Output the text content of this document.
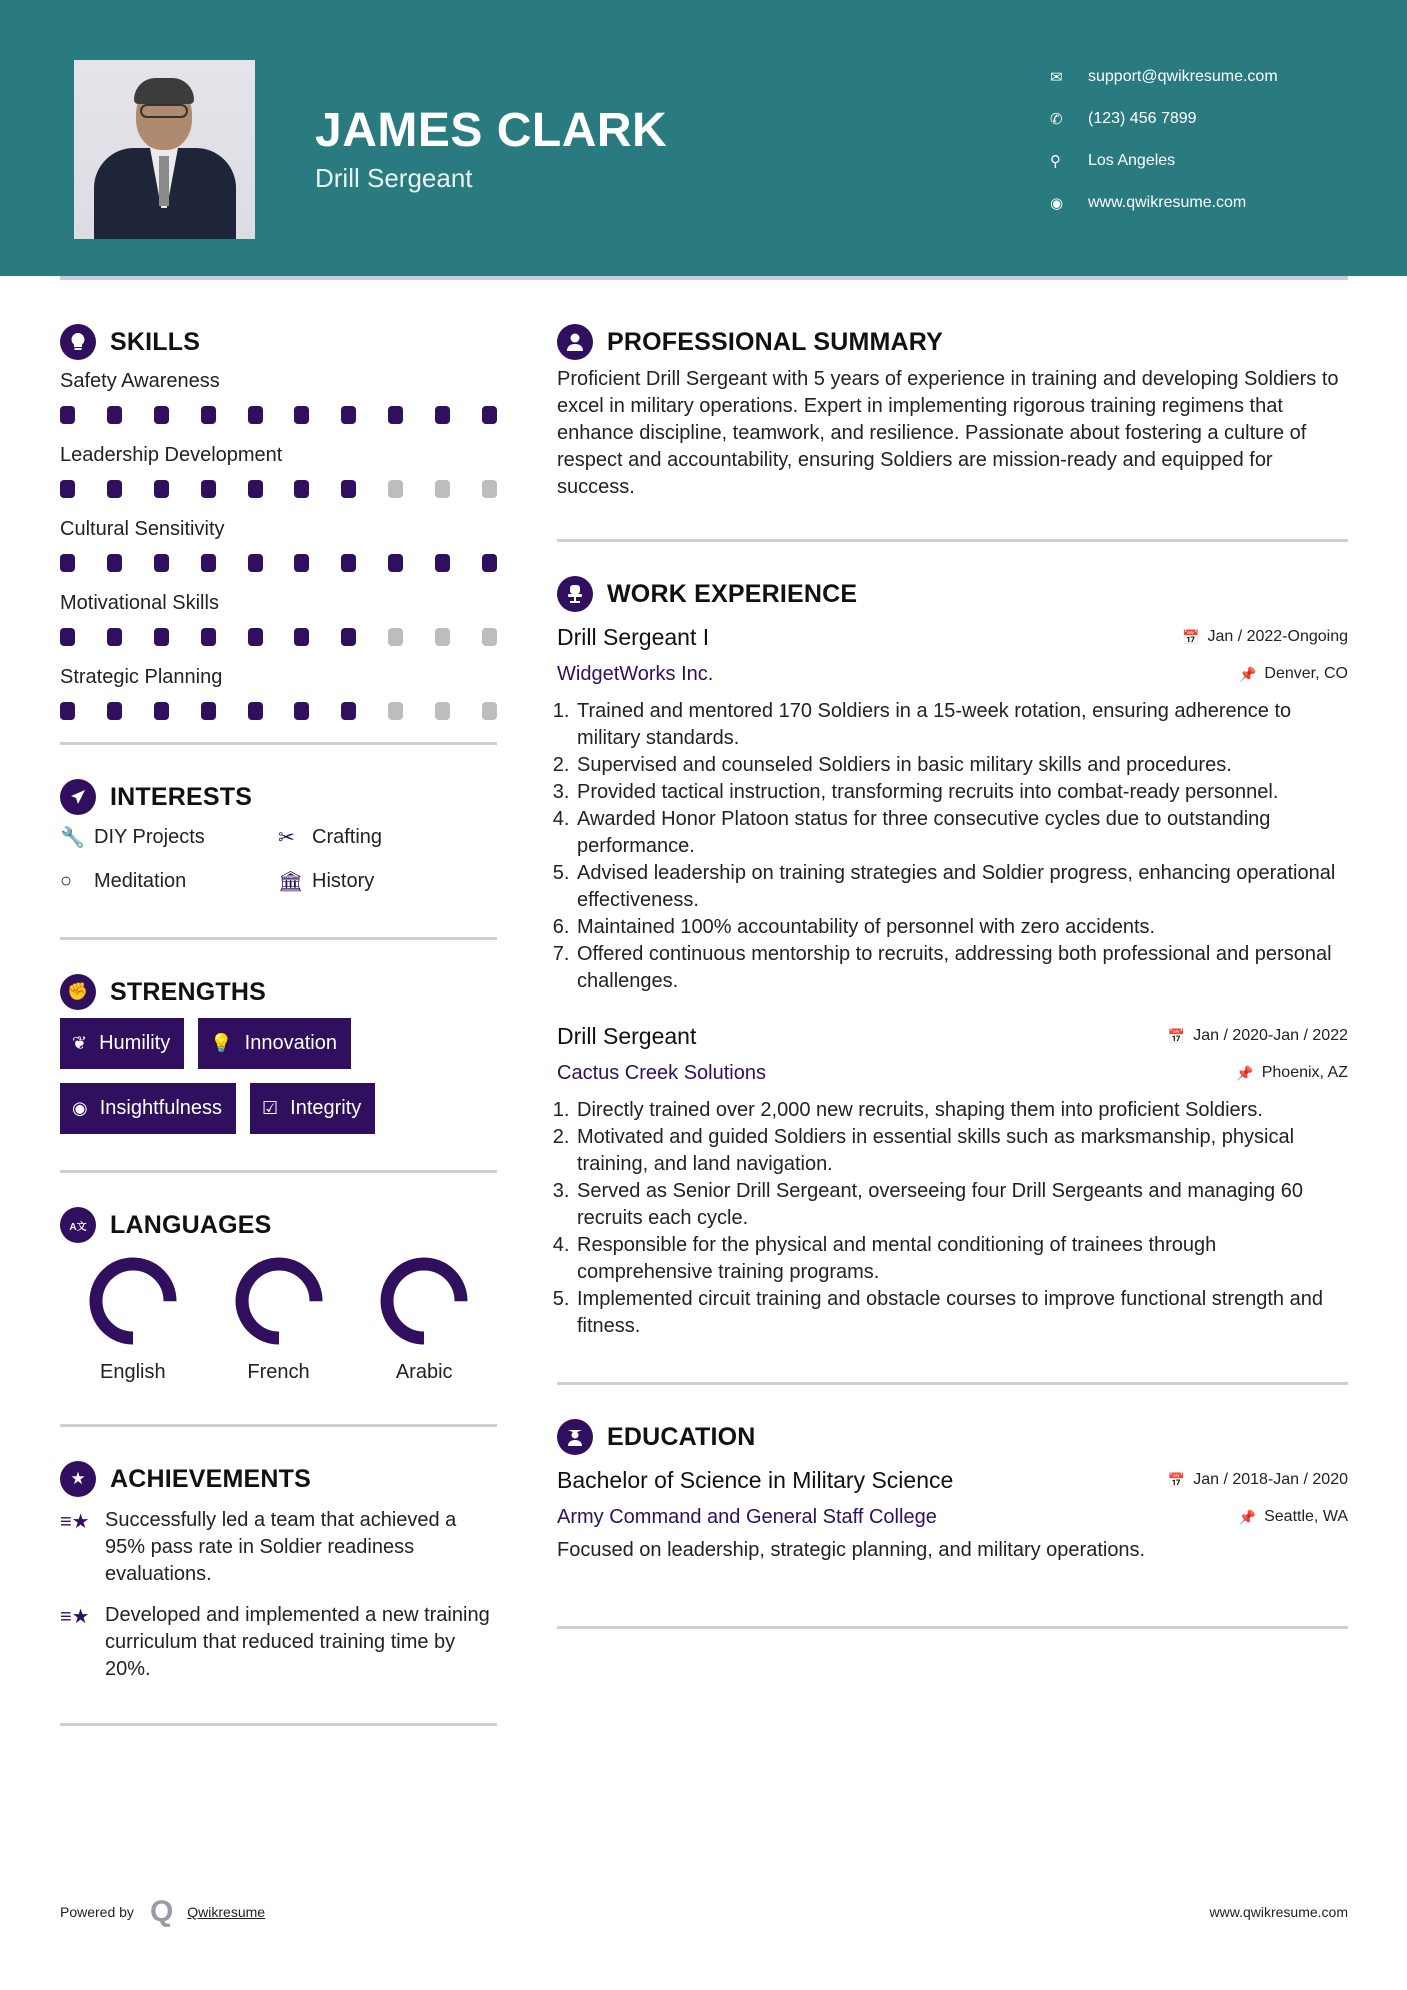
JAMES CLARK
Drill Sergeant
✉	support@qwikresume.com
✆	(123) 456 7899
⚲	Los Angeles
◉	www.qwikresume.com
SKILLS
Safety Awareness
Leadership Development
Cultural Sensitivity
Motivational Skills
Strategic Planning
INTERESTS
🔧 DIY Projects	✂ Crafting
○	Meditation	🏛 History
✊ STRENGTHS
❦ Humility 💡 Innovation
◉ Insightfulness ☑ Integrity
A文 LANGUAGES
English	French	Arabic
★ ACHIEVEMENTS
≡★ Successfully led a team that achieved a 95% pass rate in Soldier readiness evaluations.
≡★ Developed and implemented a new training curriculum that reduced training time by 20%.
PROFESSIONAL SUMMARY

Proficient Drill Sergeant with 5 years of experience in training and developing Soldiers to excel in military operations. Expert in implementing rigorous training regimens that enhance discipline, teamwork, and resilience. Passionate about fostering a culture of respect and accountability, ensuring Soldiers are mission-ready and equipped for success.

WORK EXPERIENCE
Drill Sergeant I	📅 Jan / 2022-Ongoing
WidgetWorks Inc.	📌 Denver, CO
1. Trained and mentored 170 Soldiers in a 15-week rotation, ensuring adherence to military standards.
2. Supervised and counseled Soldiers in basic military skills and procedures.
3. Provided tactical instruction, transforming recruits into combat-ready personnel.
4. Awarded Honor Platoon status for three consecutive cycles due to outstanding performance.
5. Advised leadership on training strategies and Soldier progress, enhancing operational effectiveness.
6. Maintained 100% accountability of personnel with zero accidents.
7. Offered continuous mentorship to recruits, addressing both professional and personal challenges.
Drill Sergeant	📅 Jan / 2020-Jan / 2022
Cactus Creek Solutions	📌 Phoenix, AZ
1. Directly trained over 2,000 new recruits, shaping them into proficient Soldiers.
2. Motivated and guided Soldiers in essential skills such as marksmanship, physical training, and land navigation.
3. Served as Senior Drill Sergeant, overseeing four Drill Sergeants and managing 60 recruits each cycle.
4. Responsible for the physical and mental conditioning of trainees through comprehensive training programs.
5. Implemented circuit training and obstacle courses to improve functional strength and fitness.
EDUCATION
Bachelor of Science in Military Science	📅 Jan / 2018-Jan / 2020
Army Command and General Staff College	📌 Seattle, WA

Focused on leadership, strategic planning, and military operations.

Powered by Q Qwikresume	www.qwikresume.com
